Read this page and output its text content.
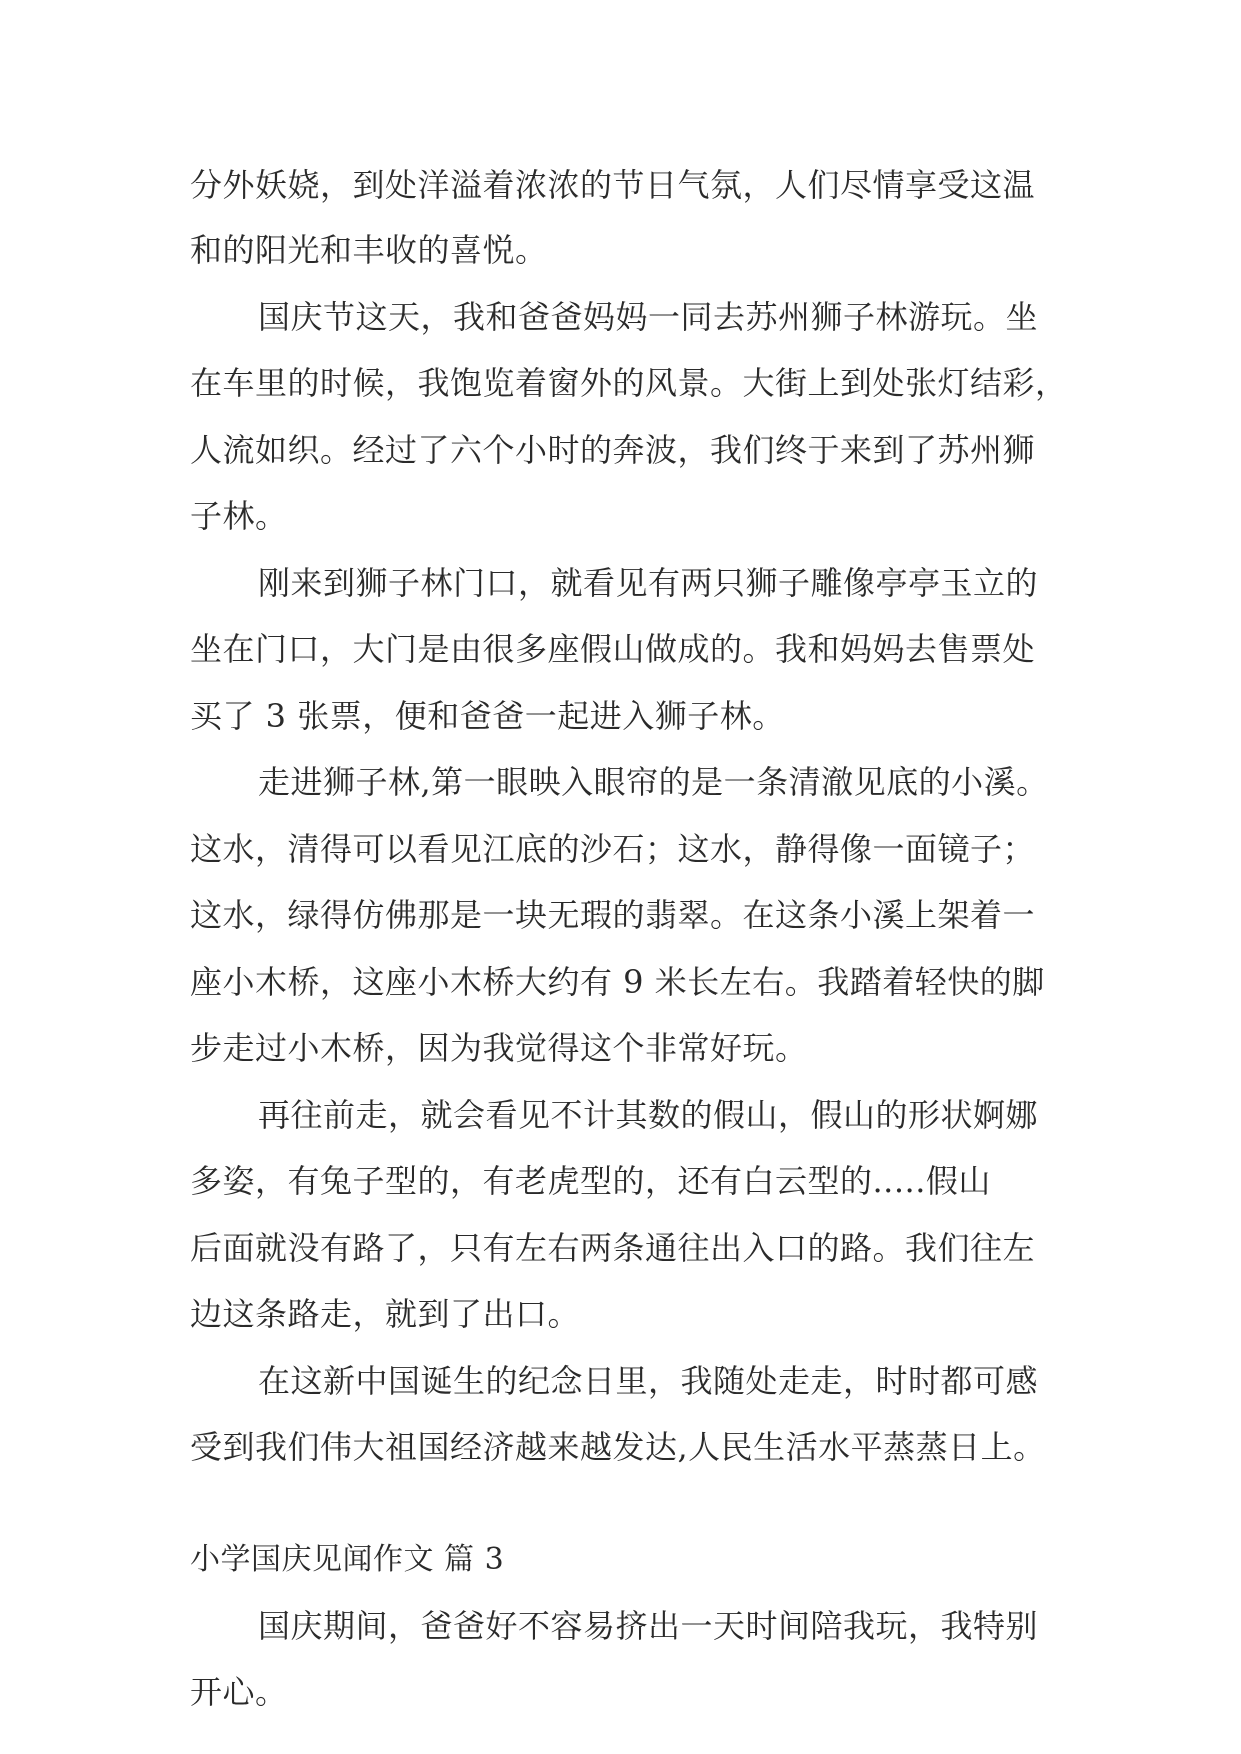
分外妖娆，到处洋溢着浓浓的节日气氛，人们尽情享受这温
和的阳光和丰收的喜悦。
国庆节这天，我和爸爸妈妈一同去苏州狮子林游玩。坐
在车里的时候，我饱览着窗外的风景。大街上到处张灯结彩，
人流如织。经过了六个小时的奔波，我们终于来到了苏州狮
子林。
刚来到狮子林门口，就看见有两只狮子雕像亭亭玉立的
坐在门口，大门是由很多座假山做成的。我和妈妈去售票处
买了 3 张票，便和爸爸一起进入狮子林。
走进狮子林,第一眼映入眼帘的是一条清澈见底的小溪。
这水，清得可以看见江底的沙石；这水，静得像一面镜子；
这水，绿得仿佛那是一块无瑕的翡翠。在这条小溪上架着一
座小木桥，这座小木桥大约有 9 米长左右。我踏着轻快的脚
步走过小木桥，因为我觉得这个非常好玩。
再往前走，就会看见不计其数的假山，假山的形状婀娜
多姿，有兔子型的，有老虎型的，还有白云型的.....假山
后面就没有路了，只有左右两条通往出入口的路。我们往左
边这条路走，就到了出口。
在这新中国诞生的纪念日里，我随处走走，时时都可感
受到我们伟大祖国经济越来越发达,人民生活水平蒸蒸日上。
小学国庆见闻作文 篇 3
国庆期间，爸爸好不容易挤出一天时间陪我玩，我特别
开心。
